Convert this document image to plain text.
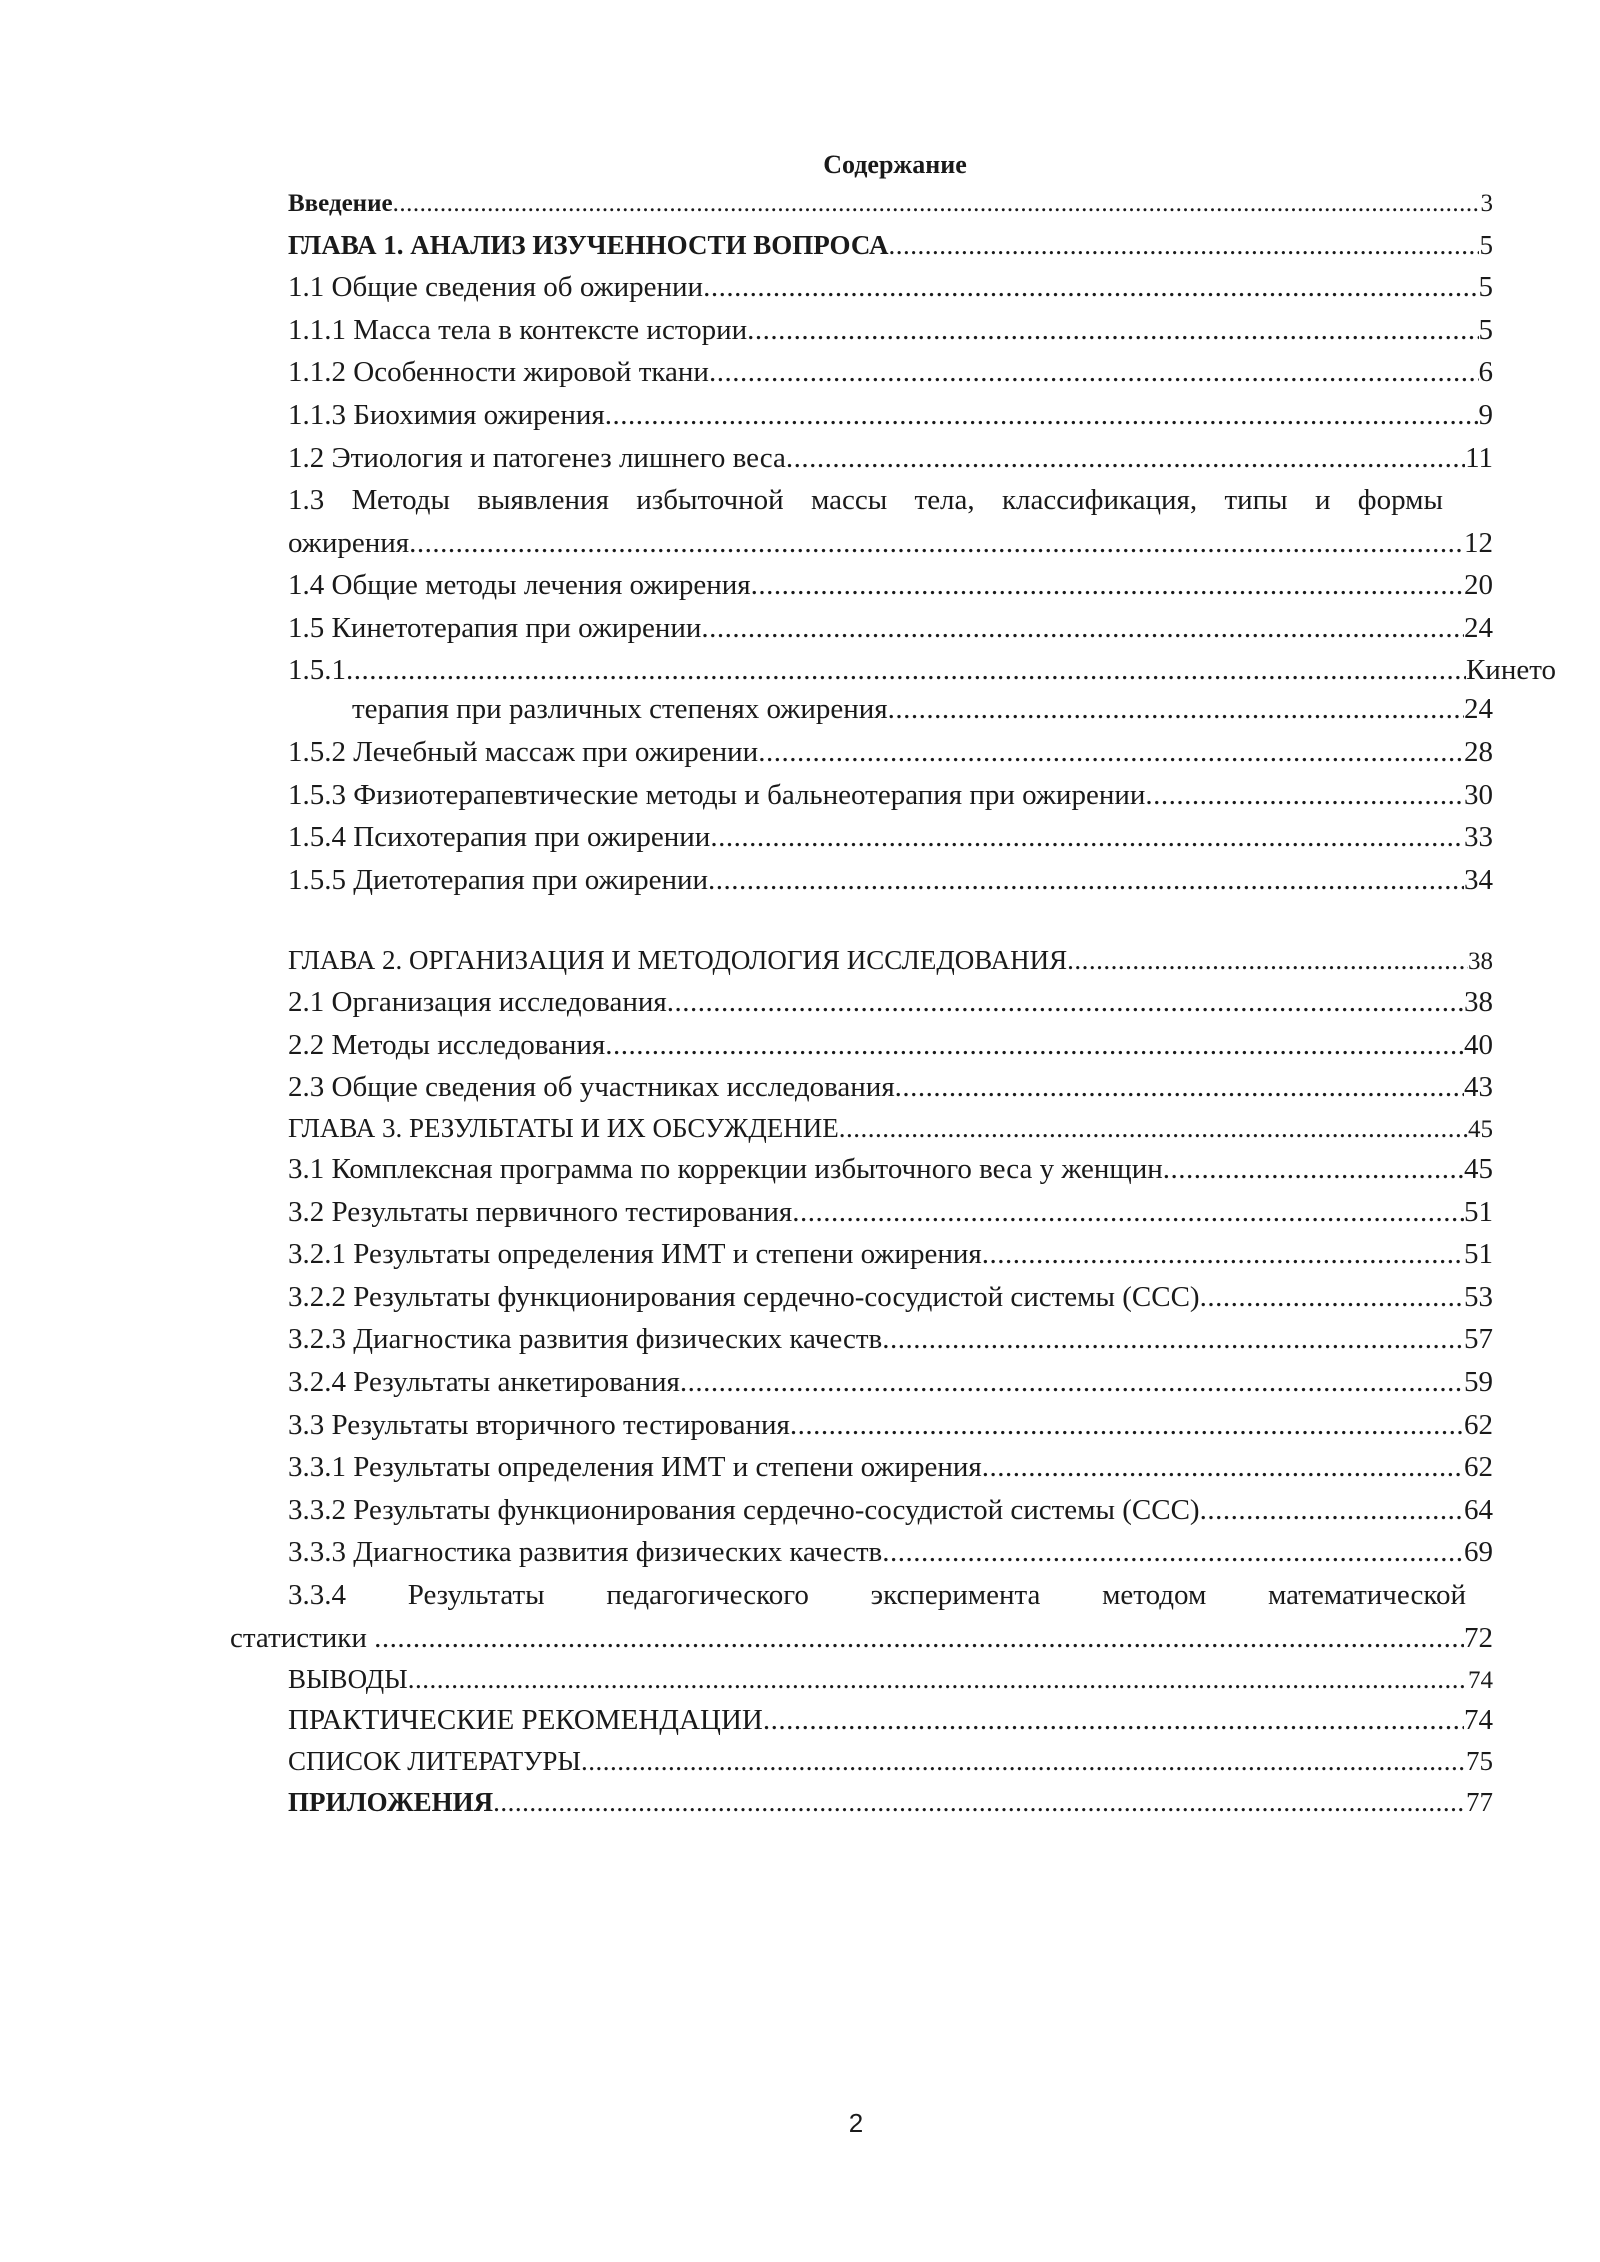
Содержание
Введение .....	3
ГЛАВА 1. АНАЛИЗ ИЗУЧЕННОСТИ ВОПРОСА .....	5
1.1 Общие сведения об ожирении .....	5
1.1.1 Масса тела в контексте истории .....	5
1.1.2 Особенности жировой ткани .....	6
1.1.3 Биохимия ожирения .....	9
1.2 Этиология и патогенез лишнего веса .....	11
1.3 Методы выявления избыточной массы тела, классификация, типы и формы
ожирения .....	12
1.4 Общие методы лечения ожирения .....	20
1.5 Кинетотерапия при ожирении .....	24
1.5.1 .....	Кинето
терапия при различных степенях ожирения .....	24
1.5.2 Лечебный массаж при ожирении .....	28
1.5.3 Физиотерапевтические методы и бальнеотерапия при ожирении .....	30
1.5.4 Психотерапия при ожирении .....	33
1.5.5 Диетотерапия при ожирении .....	34
ГЛАВА 2. ОРГАНИЗАЦИЯ И МЕТОДОЛОГИЯ ИССЛЕДОВАНИЯ .....	38
2.1 Организация исследования .....	38
2.2 Методы исследования .....	40
2.3 Общие сведения об участниках исследования .....	43
ГЛАВА 3. РЕЗУЛЬТАТЫ И ИХ ОБСУЖДЕНИЕ .....	45
3.1 Комплексная программа по коррекции избыточного веса у женщин .....	45
3.2 Результаты первичного тестирования .....	51
3.2.1 Результаты определения ИМТ и степени ожирения .....	51
3.2.2 Результаты функционирования сердечно-сосудистой системы (ССС) .....	53
3.2.3 Диагностика развития физических качеств .....	57
3.2.4 Результаты анкетирования .....	59
3.3 Результаты вторичного тестирования .....	62
3.3.1 Результаты определения ИМТ и степени ожирения .....	62
3.3.2 Результаты функционирования сердечно-сосудистой системы (ССС) .....	64
3.3.3 Диагностика развития физических качеств .....	69
3.3.4 Результаты педагогического эксперимента методом математической
статистики .....	72
ВЫВОДЫ .....	74
ПРАКТИЧЕСКИЕ РЕКОМЕНДАЦИИ .....	74
СПИСОК ЛИТЕРАТУРЫ .....	75
ПРИЛОЖЕНИЯ .....	77
2
